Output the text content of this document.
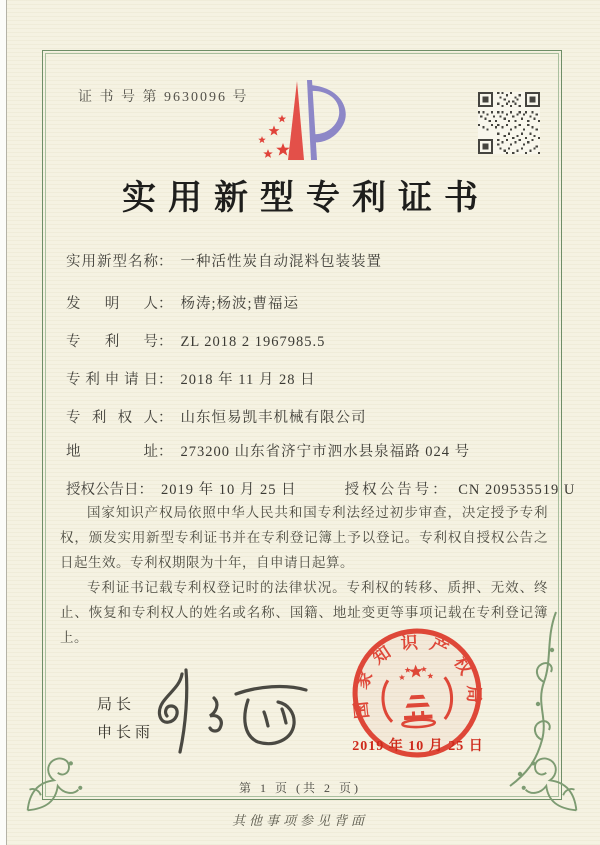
证 书 号 第 9630096 号
实用新型专利证书
实用新型名称 ： 一种活性炭自动混料包装装置
发明人 ： 杨涛;杨波;曹福运
专利号 ： ZL 2018 2 1967985.5
专利申请日 ： 2018 年 11 月 28 日
专利权人 ： 山东恒易凯丰机械有限公司
地址 ： 273200 山东省济宁市泗水县泉福路 024 号
授权公告日 ： 2019 年 10 月 25 日	授权公告号： CN 209535519 U

国家知识产权局依照中华人民共和国专利法经过初步审查，决定授予专利权，颁发实用新型专利证书并在专利登记簿上予以登记。专利权自授权公告之日起生效。专利权期限为十年，自申请日起算。

专利证书记载专利权登记时的法律状况。专利权的转移、质押、无效、终止、恢复和专利权人的姓名或名称、国籍、地址变更等事项记载在专利登记簿上。

局长
申长雨
国家知识产权局
2019 年 10 月 25 日
第 1 页 (共 2 页)
其他事项参见背面
